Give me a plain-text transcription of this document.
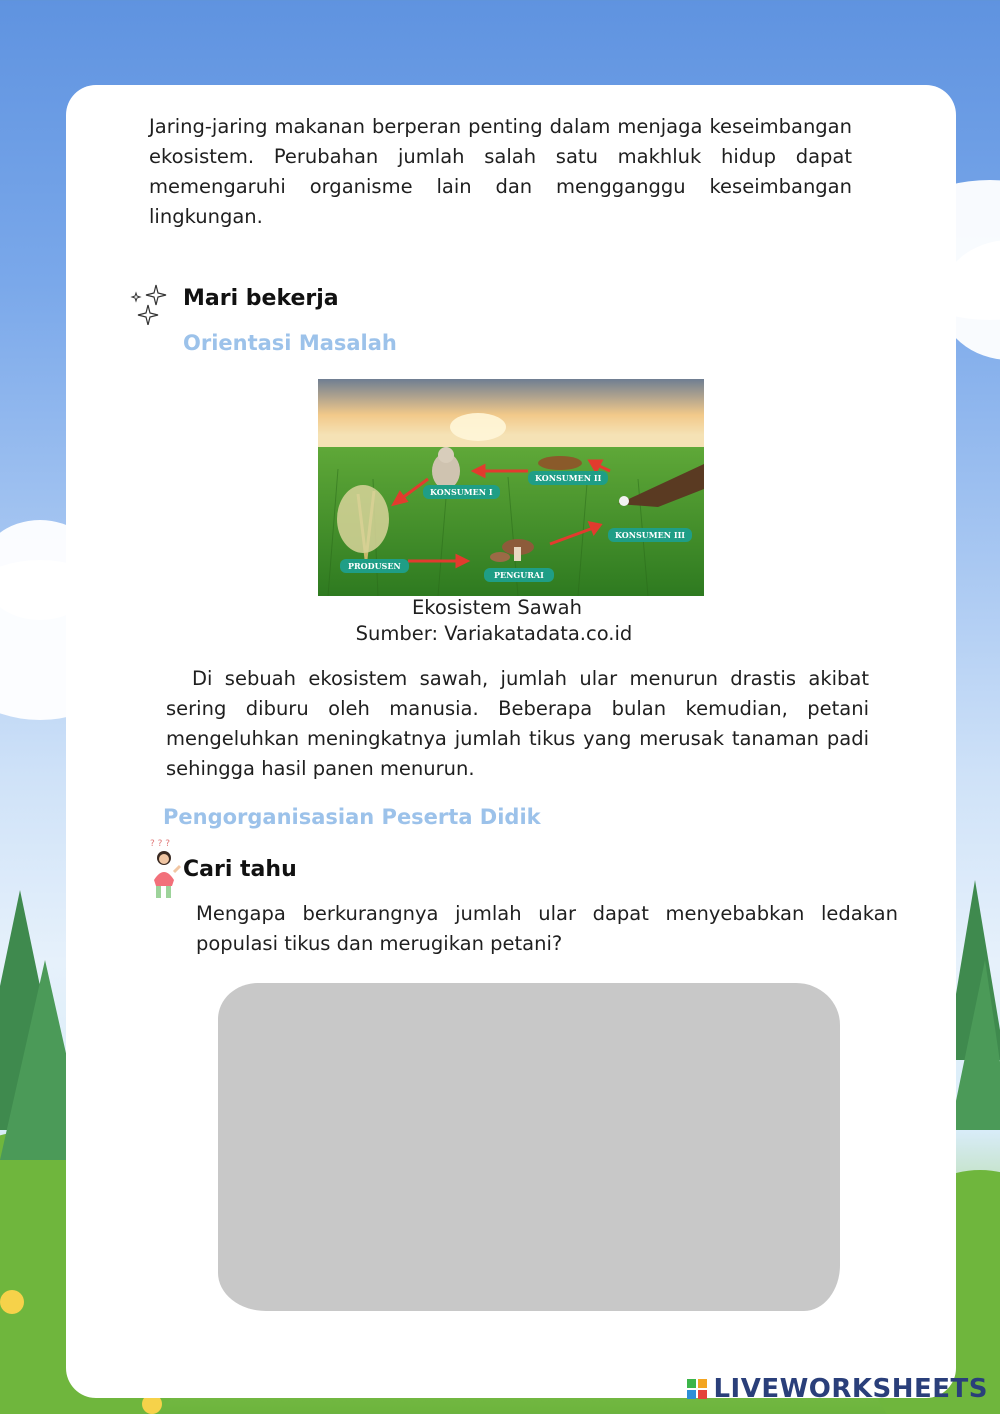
Jaring-jaring makanan berperan penting dalam menjaga keseimbangan ekosistem. Perubahan jumlah salah satu makhluk hidup dapat memengaruhi organisme lain dan mengganggu keseimbangan lingkungan.

Mari bekerja
Orientasi Masalah
KONSUMEN I
KONSUMEN II
KONSUMEN III
PRODUSEN
PENGURAI

Ekosistem Sawah

Sumber: Variakatadata.co.id

Di sebuah ekosistem sawah, jumlah ular menurun drastis akibat sering diburu oleh manusia. Beberapa bulan kemudian, petani mengeluhkan meningkatnya jumlah tikus yang merusak tanaman padi sehingga hasil panen menurun.

Pengorganisasian Peserta Didik
? ? ?
Cari tahu

Mengapa berkurangnya jumlah ular dapat menyebabkan ledakan populasi tikus dan merugikan petani?

LIVEWORKSHEETS
